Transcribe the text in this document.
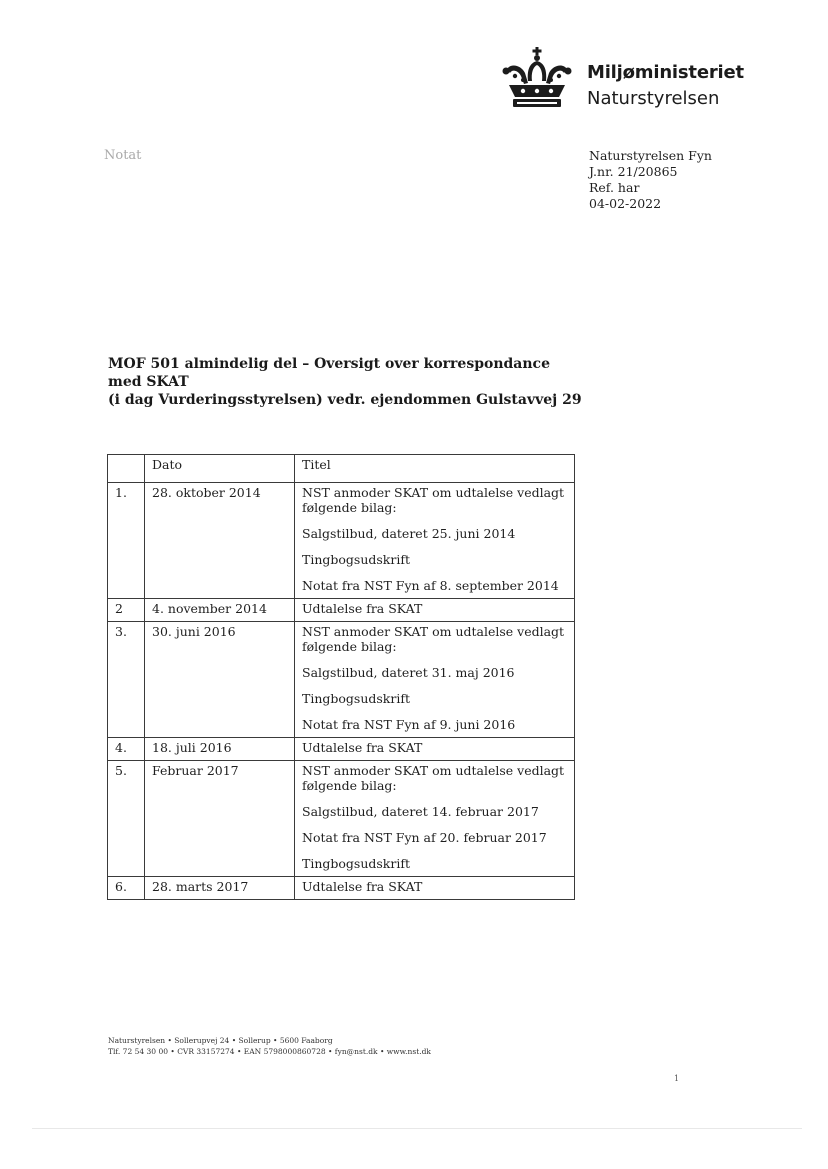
Miljøministeriet
Naturstyrelsen
Notat	Naturstyrelsen Fyn
J.nr. 21/20865
Ref. har
04-02-2022
MOF 501 almindelig del – Oversigt over korrespondance med SKAT
(i dag Vurderingsstyrelsen) vedr. ejendommen Gulstavvej 29
	Dato	Titel
1.	28. oktober 2014	NST anmoder SKAT om udtalelse vedlagt følgende bilag:
Salgstilbud, dateret 25. juni 2014
Tingbogsudskrift
Notat fra NST Fyn af 8. september 2014

2	4. november 2014	Udtalelse fra SKAT

3.	30. juni 2016	NST anmoder SKAT om udtalelse vedlagt følgende bilag:
Salgstilbud, dateret 31. maj 2016
Tingbogsudskrift
Notat fra NST Fyn af 9. juni 2016

4.	18. juli 2016	Udtalelse fra SKAT

5.	Februar 2017	NST anmoder SKAT om udtalelse vedlagt følgende bilag:
Salgstilbud, dateret 14. februar 2017
Notat fra NST Fyn af 20. februar 2017
Tingbogsudskrift

6.	28. marts 2017	Udtalelse fra SKAT
Naturstyrelsen • Sollerupvej 24 • Sollerup • 5600 Faaborg
Tlf. 72 54 30 00 • CVR 33157274 • EAN 5798000860728 • fyn@nst.dk • www.nst.dk
1
